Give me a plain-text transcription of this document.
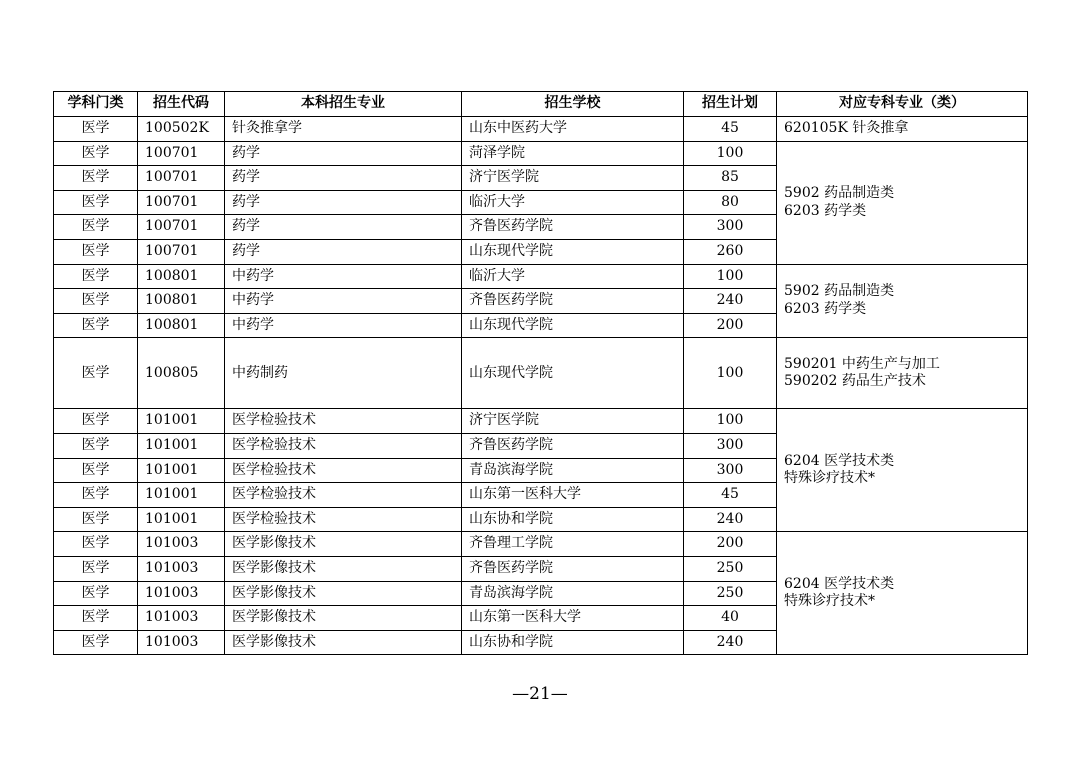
学科门类	招生代码	本科招生专业	招生学校	招生计划	对应专科专业（类）
医学	100502K	针灸推拿学	山东中医药大学	45	620105K 针灸推拿

医学	100701	药学	菏泽学院	100	5902 药品制造类
6203 药学类

医学	100701	药学	济宁医学院	85	
医学	100701	药学	临沂大学	80	
医学	100701	药学	齐鲁医药学院	300	
医学	100701	药学	山东现代学院	260	
医学	100801	中药学	临沂大学	100	5902 药品制造类
6203 药学类

医学	100801	中药学	齐鲁医药学院	240	
医学	100801	中药学	山东现代学院	200	
医学	100805	中药制药	山东现代学院	100	590201 中药生产与加工
590202 药品生产技术

医学	101001	医学检验技术	济宁医学院	100	6204 医学技术类
特殊诊疗技术*

医学	101001	医学检验技术	齐鲁医药学院	300	
医学	101001	医学检验技术	青岛滨海学院	300	
医学	101001	医学检验技术	山东第一医科大学	45	
医学	101001	医学检验技术	山东协和学院	240	
医学	101003	医学影像技术	齐鲁理工学院	200	6204 医学技术类
特殊诊疗技术*

医学	101003	医学影像技术	齐鲁医药学院	250	
医学	101003	医学影像技术	青岛滨海学院	250	
医学	101003	医学影像技术	山东第一医科大学	40	
医学	101003	医学影像技术	山东协和学院	240	
—21—
